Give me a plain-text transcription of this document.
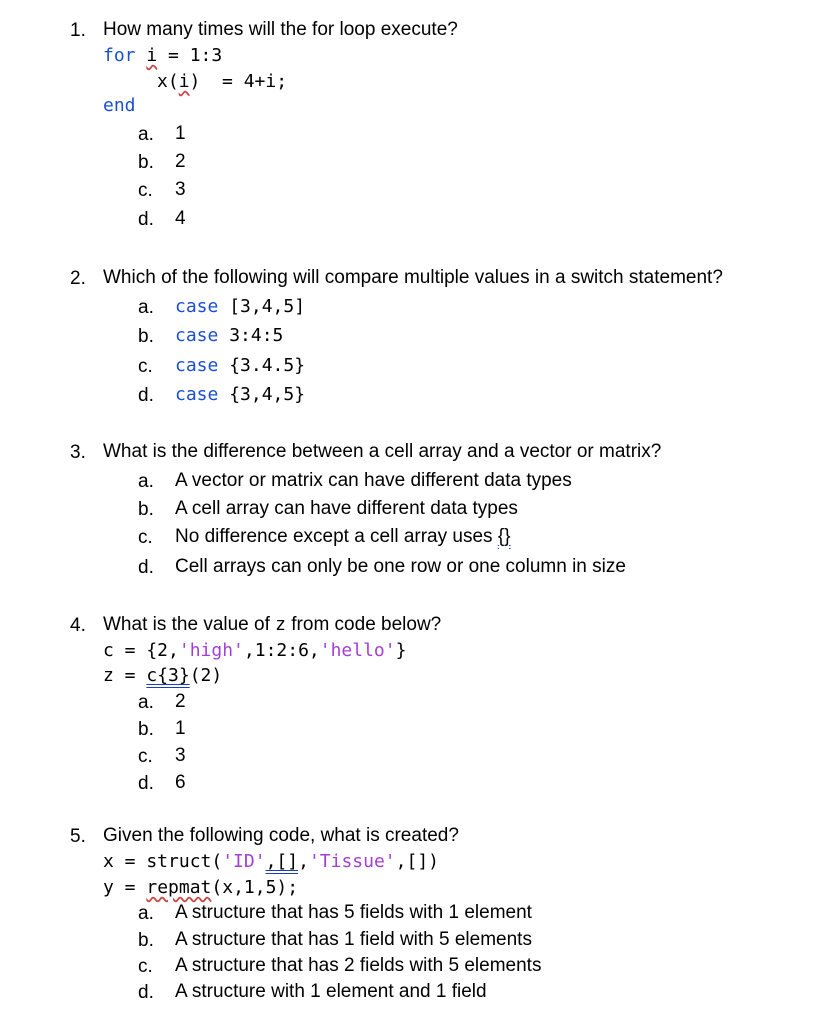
1. How many times will the for loop execute?
for i = 1:3
x(i)  = 4+i;
end
a. 1
b. 2
c. 3
d. 4
2. Which of the following will compare multiple values in a switch statement?
a. case [3,4,5]
b. case 3:4:5
c. case {3.4.5}
d. case {3,4,5}
3. What is the difference between a cell array and a vector or matrix?
a. A vector or matrix can have different data types
b. A cell array can have different data types
c. No difference except a cell array uses {}
d. Cell arrays can only be one row or one column in size
4. What is the value of z from code below?
c = {2,'high',1:2:6,'hello'}
z = c{3}(2)
a. 2
b. 1
c. 3
d. 6
5. Given the following code, what is created?
x = struct('ID',[],'Tissue',[])
y = repmat(x,1,5);
a. A structure that has 5 fields with 1 element
b. A structure that has 1 field with 5 elements
c. A structure that has 2 fields with 5 elements
d. A structure with 1 element and 1 field
